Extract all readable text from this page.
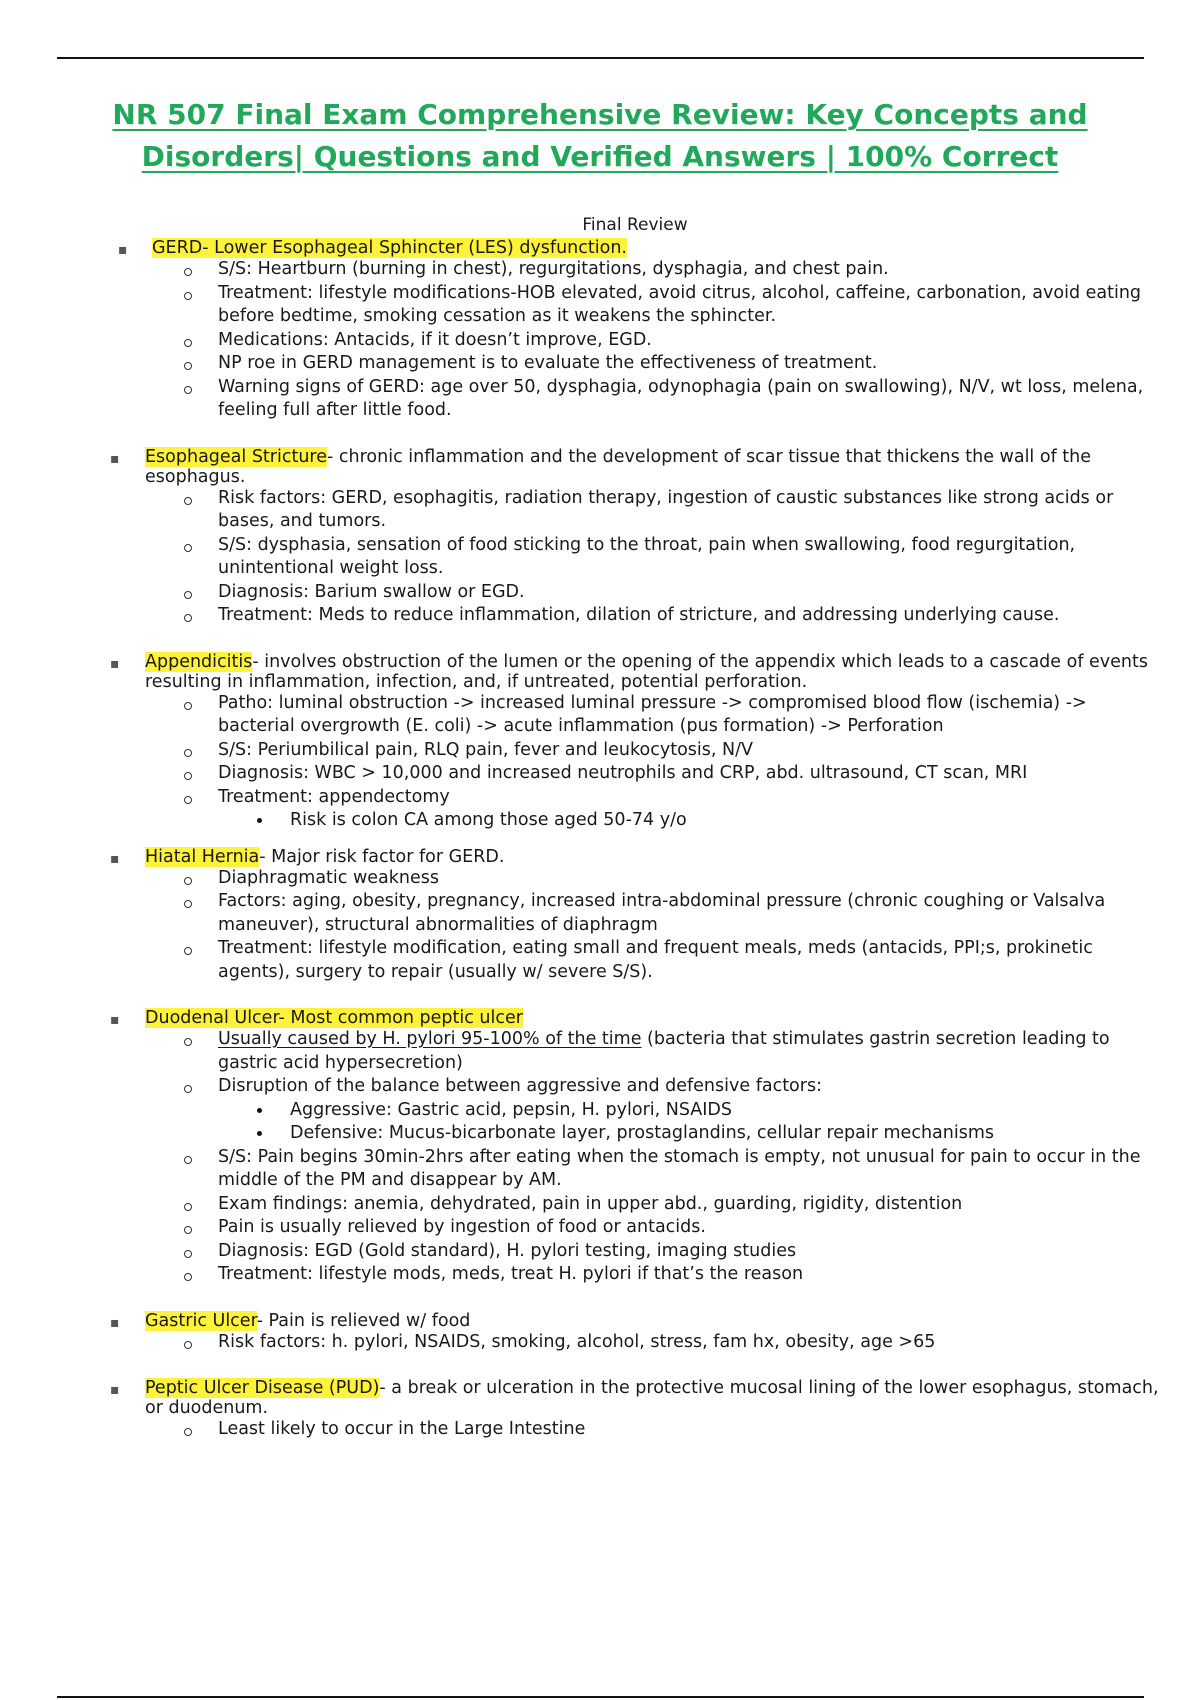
NR 507 Final Exam Comprehensive Review: Key Concepts and
Disorders| Questions and Verified Answers | 100% Correct

Final Review

▪ GERD- Lower Esophageal Sphincter (LES) dysfunction.

S/S: Heartburn (burning in chest), regurgitations, dysphagia, and chest pain.
Treatment: lifestyle modifications-HOB elevated, avoid citrus, alcohol, caffeine, carbonation, avoid eating before bedtime, smoking cessation as it weakens the sphincter.
Medications: Antacids, if it doesn’t improve, EGD.
NP roe in GERD management is to evaluate the effectiveness of treatment.
Warning signs of GERD: age over 50, dysphagia, odynophagia (pain on swallowing), N/V, wt loss, melena, feeling full after little food.
▪ Esophageal Stricture- chronic inflammation and the development of scar tissue that thickens the wall of the esophagus.

Risk factors: GERD, esophagitis, radiation therapy, ingestion of caustic substances like strong acids or bases, and tumors.
S/S: dysphasia, sensation of food sticking to the throat, pain when swallowing, food regurgitation, unintentional weight loss.
Diagnosis: Barium swallow or EGD.
Treatment: Meds to reduce inflammation, dilation of stricture, and addressing underlying cause.
▪ Appendicitis- involves obstruction of the lumen or the opening of the appendix which leads to a cascade of events resulting in inflammation, infection, and, if untreated, potential perforation.

Patho: luminal obstruction -> increased luminal pressure -> compromised blood flow (ischemia) -> bacterial overgrowth (E. coli) -> acute inflammation (pus formation) -> Perforation
S/S: Periumbilical pain, RLQ pain, fever and leukocytosis, N/V
Diagnosis: WBC > 10,000 and increased neutrophils and CRP, abd. ultrasound, CT scan, MRI
Treatment: appendectomy
Risk is colon CA among those aged 50-74 y/o
▪ Hiatal Hernia- Major risk factor for GERD.

Diaphragmatic weakness
Factors: aging, obesity, pregnancy, increased intra-abdominal pressure (chronic coughing or Valsalva maneuver), structural abnormalities of diaphragm
Treatment: lifestyle modification, eating small and frequent meals, meds (antacids, PPI;s, prokinetic agents), surgery to repair (usually w/ severe S/S).
▪ Duodenal Ulcer- Most common peptic ulcer

Usually caused by H. pylori 95-100% of the time (bacteria that stimulates gastrin secretion leading to gastric acid hypersecretion)
Disruption of the balance between aggressive and defensive factors:
Aggressive: Gastric acid, pepsin, H. pylori, NSAIDS
Defensive: Mucus-bicarbonate layer, prostaglandins, cellular repair mechanisms
S/S: Pain begins 30min-2hrs after eating when the stomach is empty, not unusual for pain to occur in the middle of the PM and disappear by AM.
Exam findings: anemia, dehydrated, pain in upper abd., guarding, rigidity, distention
Pain is usually relieved by ingestion of food or antacids.
Diagnosis: EGD (Gold standard), H. pylori testing, imaging studies
Treatment: lifestyle mods, meds, treat H. pylori if that’s the reason
▪ Gastric Ulcer- Pain is relieved w/ food

Risk factors: h. pylori, NSAIDS, smoking, alcohol, stress, fam hx, obesity, age >65
▪ Peptic Ulcer Disease (PUD)- a break or ulceration in the protective mucosal lining of the lower esophagus, stomach, or duodenum.

Least likely to occur in the Large Intestine
